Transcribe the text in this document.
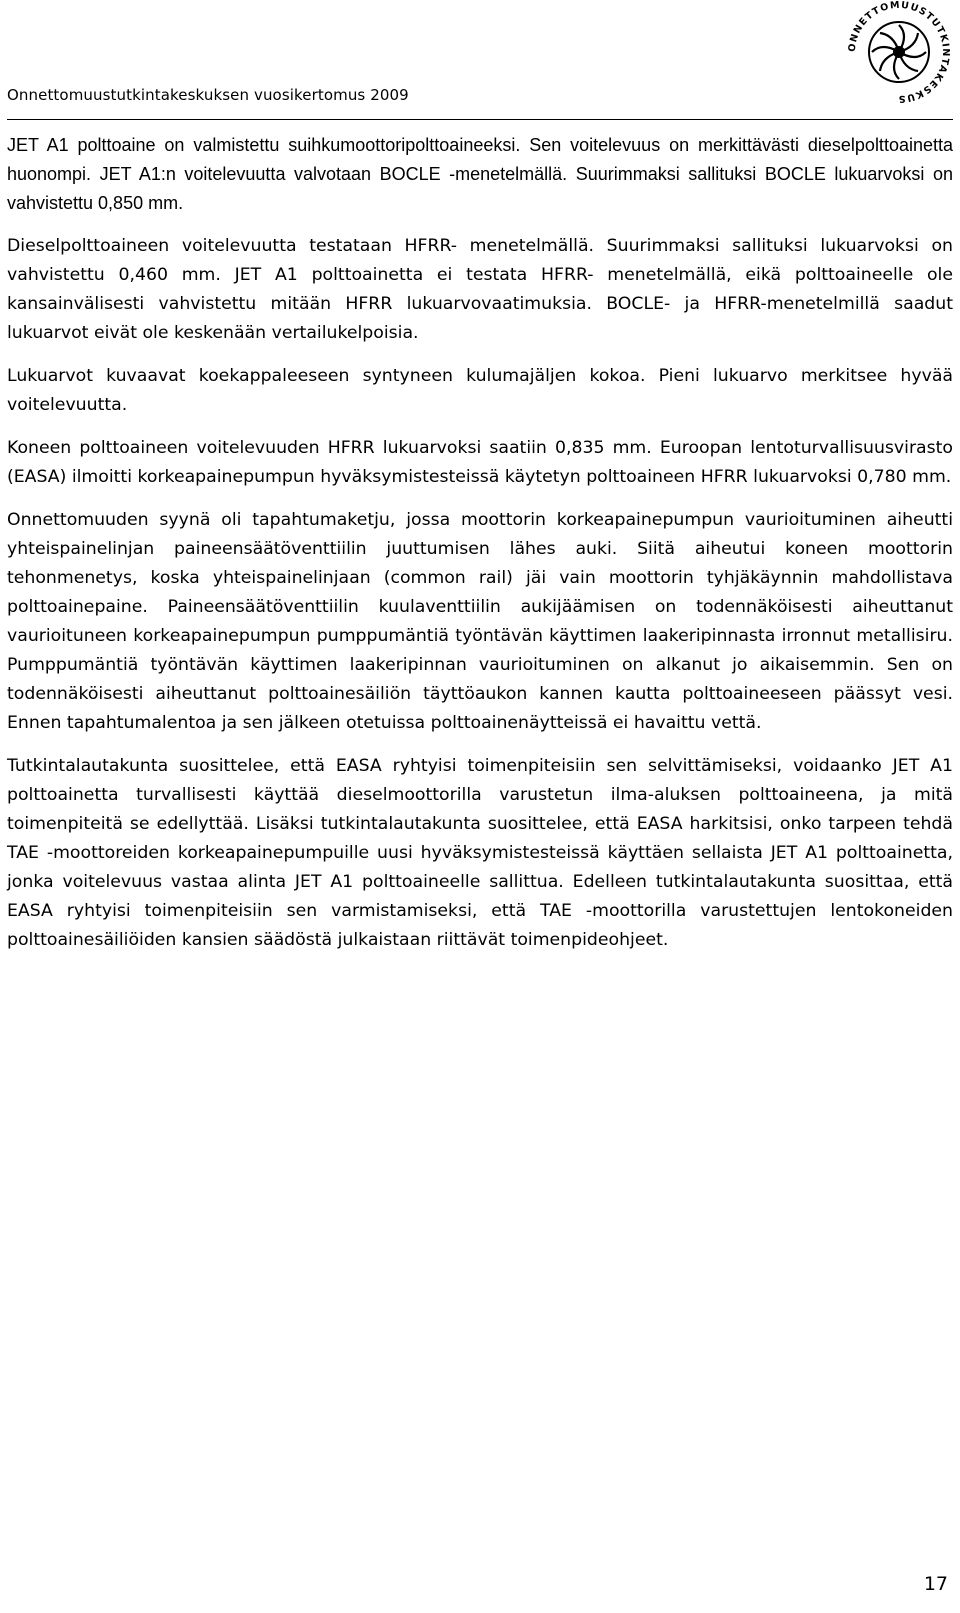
Onnettomuustutkintakeskuksen vuosikertomus 2009
ONNETTOMUUSTUTKINTAKESKUS

JET A1 polttoaine on valmistettu suihkumoottoripolttoaineeksi. Sen voitelevuus on merkittävästi dieselpolttoainetta huonompi. JET A1:n voitelevuutta valvotaan BOCLE -menetelmällä. Suurimmaksi sallituksi BOCLE lukuarvoksi on vahvistettu 0,850 mm.

Dieselpolttoaineen voitelevuutta testataan HFRR- menetelmällä. Suurimmaksi sallituksi lukuarvoksi on vahvistettu 0,460 mm. JET A1 polttoainetta ei testata HFRR- menetelmällä, eikä polttoaineelle ole kansainvälisesti vahvistettu mitään HFRR lukuarvovaatimuksia. BOCLE- ja HFRR-menetelmillä saadut lukuarvot eivät ole keskenään vertailukelpoisia.

Lukuarvot kuvaavat koekappaleeseen syntyneen kulumajäljen kokoa. Pieni lukuarvo merkitsee hyvää voitelevuutta.

Koneen polttoaineen voitelevuuden HFRR lukuarvoksi saatiin 0,835 mm. Euroopan lentoturvallisuusvirasto (EASA) ilmoitti korkeapainepumpun hyväksymistesteissä käytetyn polttoaineen HFRR lukuarvoksi 0,780 mm.

Onnettomuuden syynä oli tapahtumaketju, jossa moottorin korkeapainepumpun vaurioituminen aiheutti yhteispainelinjan paineensäätöventtiilin juuttumisen lähes auki. Siitä aiheutui koneen moottorin tehonmenetys, koska yhteispainelinjaan (common rail) jäi vain moottorin tyhjäkäynnin mahdollistava polttoainepaine. Paineensäätöventtiilin kuulaventtiilin aukijäämisen on todennäköisesti aiheuttanut vaurioituneen korkeapainepumpun pumppumäntiä työntävän käyttimen laakeripinnasta irronnut metallisiru. Pumppumäntiä työntävän käyttimen laakeripinnan vaurioituminen on alkanut jo aikaisemmin. Sen on todennäköisesti aiheuttanut polttoainesäiliön täyttöaukon kannen kautta polttoaineeseen päässyt vesi. Ennen tapahtumalentoa ja sen jälkeen otetuissa polttoainenäytteissä ei havaittu vettä.

Tutkintalautakunta suosittelee, että EASA ryhtyisi toimenpiteisiin sen selvittämiseksi, voidaanko JET A1 polttoainetta turvallisesti käyttää dieselmoottorilla varustetun ilma-aluksen polttoaineena, ja mitä toimenpiteitä se edellyttää. Lisäksi tutkintalautakunta suosittelee, että EASA harkitsisi, onko tarpeen tehdä TAE -moottoreiden korkeapainepumpuille uusi hyväksymistesteissä käyttäen sellaista JET A1 polttoainetta, jonka voitelevuus vastaa alinta JET A1 polttoaineelle sallittua. Edelleen tutkintalautakunta suosittaa, että EASA ryhtyisi toimenpiteisiin sen varmistamiseksi, että TAE -moottorilla varustettujen lentokoneiden polttoainesäiliöiden kansien säädöstä julkaistaan riittävät toimenpideohjeet.

17
